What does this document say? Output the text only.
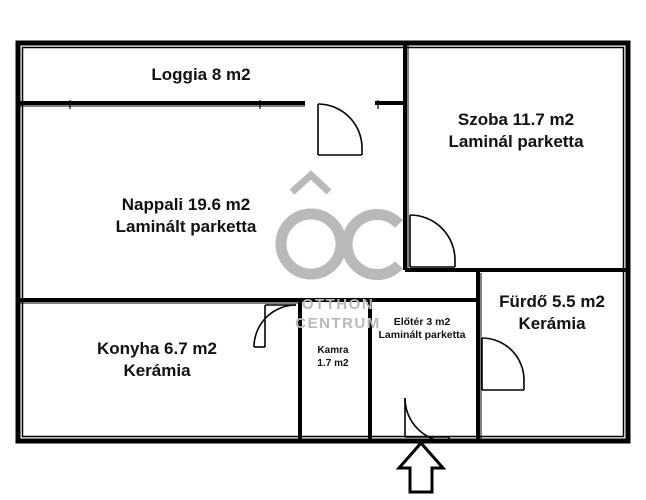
OTTHON
CENTRUM
Loggia 8 m2
Szoba 11.7 m2
Laminál parketta
Nappali 19.6 m2
Laminált parketta
Fürdő 5.5 m2
Kerámia
Konyha 6.7 m2
Kerámia
Előtér 3 m2
Laminált parketta
Kamra
1.7 m2
